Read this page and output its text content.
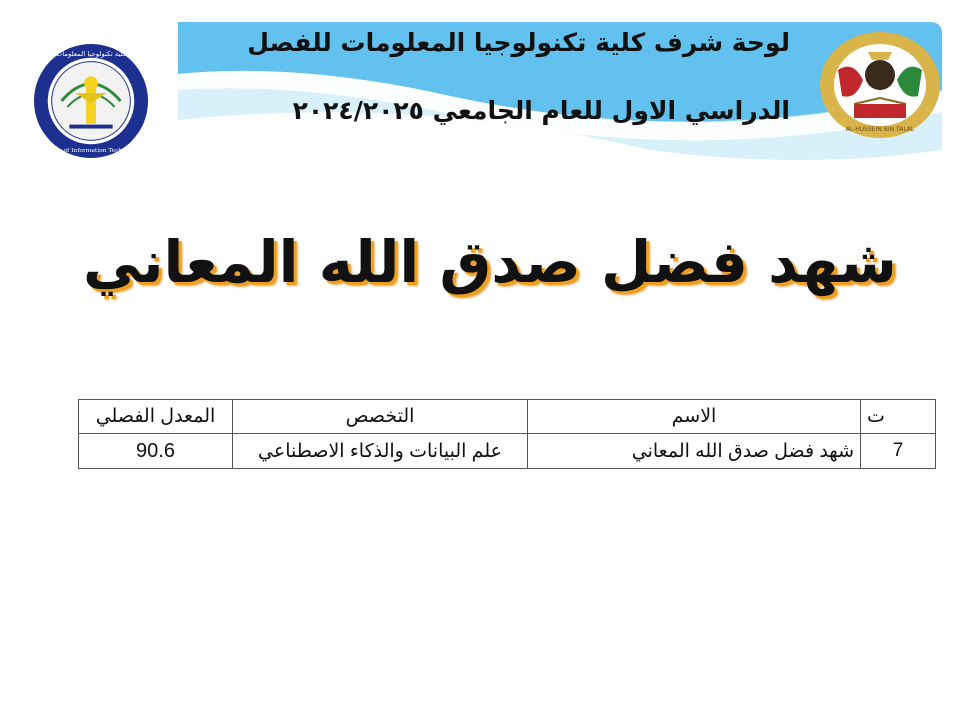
لوحة شرف كلية تكنولوجيا المعلومات للفصل
الدراسي الاول للعام الجامعي ٢٠٢٤/٢٠٢٥
كلية تكنولوجيا المعلومات
Faculty of Information Technology
AL-HUSSEIN BIN TALAL
شهد فضل صدق الله المعاني
ت	الاسم	التخصص	المعدل الفصلي
7	شهد فضل صدق الله المعاني	علم البيانات والذكاء الاصطناعي	90.6
